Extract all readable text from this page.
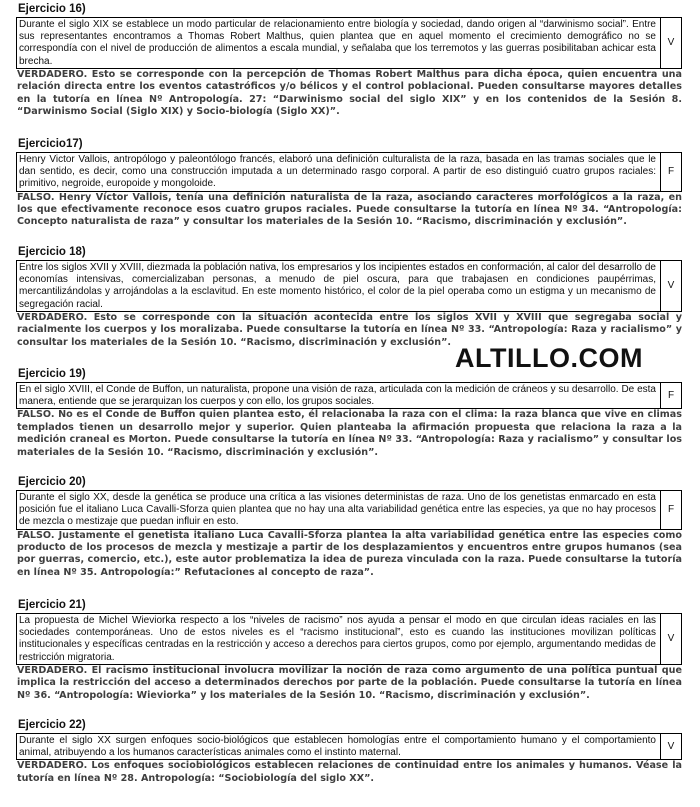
Ejercicio 16)
Durante el siglo XIX se establece un modo particular de relacionamiento entre biología y sociedad, dando origen al “darwinismo social”. Entre sus representantes encontramos a Thomas Robert Malthus, quien plantea que en aquel momento el crecimiento demográfico no se correspondía con el nivel de producción de alimentos a escala mundial, y señalaba que los terremotos y las guerras posibilitaban achicar esta brecha.
V
VERDADERO. Esto se corresponde con la percepción de Thomas Robert Malthus para dicha época, quien encuentra una relación directa entre los eventos catastróficos y/o bélicos y el control poblacional. Pueden consultarse mayores detalles en la tutoría en línea Nº Antropología. 27: “Darwinismo social del siglo XIX” y en los contenidos de la Sesión 8. “Darwinismo Social (Siglo XIX) y Socio-biología (Siglo XX)”.
Ejercicio17)
Henry Victor Vallois, antropólogo y paleontólogo francés, elaboró una definición culturalista de la raza, basada en las tramas sociales que le dan sentido, es decir, como una construcción imputada a un determinado rasgo corporal. A partir de eso distinguió cuatro grupos raciales: primitivo, negroide, europoide y mongoloide.
F
FALSO. Henry Víctor Vallois, tenía una definición naturalista de la raza, asociando caracteres morfológicos a la raza, en los que efectivamente reconoce esos cuatro grupos raciales. Puede consultarse la tutoría en línea Nº 34. “Antropología: Concepto naturalista de raza” y consultar los materiales de la Sesión 10. “Racismo, discriminación y exclusión”.
Ejercicio 18)
Entre los siglos XVII y XVIII, diezmada la población nativa, los empresarios y los incipientes estados en conformación, al calor del desarrollo de economías intensivas, comercializaban personas, a menudo de piel oscura, para que trabajasen en condiciones paupérrimas, mercantilizándolas y arrojándolas a la esclavitud. En este momento histórico, el color de la piel operaba como un estigma y un mecanismo de segregación racial.
V
VERDADERO. Esto se corresponde con la situación acontecida entre los siglos XVII y XVIII que segregaba social y racialmente los cuerpos y los moralizaba. Puede consultarse la tutoría en línea Nº 33. “Antropología: Raza y racialismo” y consultar los materiales de la Sesión 10. “Racismo, discriminación y exclusión”.
ALTILLO.COM
Ejercicio 19)
En el siglo XVIII, el Conde de Buffon, un naturalista, propone una visión de raza, articulada con la medición de cráneos y su desarrollo. De esta manera, entiende que se jerarquizan los cuerpos y con ello, los grupos sociales.
F
FALSO. No es el Conde de Buffon quien plantea esto, él relacionaba la raza con el clima: la raza blanca que vive en climas templados tienen un desarrollo mejor y superior. Quien planteaba la afirmación propuesta que relaciona la raza a la medición craneal es Morton. Puede consultarse la tutoría en línea Nº 33. “Antropología: Raza y racialismo” y consultar los materiales de la Sesión 10. “Racismo, discriminación y exclusión”.
Ejercicio 20)
Durante el siglo XX, desde la genética se produce una crítica a las visiones deterministas de raza. Uno de los genetistas enmarcado en esta posición fue el italiano Luca Cavalli-Sforza quien plantea que no hay una alta variabilidad genética entre las especies, ya que no hay procesos de mezcla o mestizaje que puedan influir en esto.
F
FALSO. Justamente el genetista italiano Luca Cavalli-Sforza plantea la alta variabilidad genética entre las especies como producto de los procesos de mezcla y mestizaje a partir de los desplazamientos y encuentros entre grupos humanos (sea por guerras, comercio, etc.), este autor problematiza la idea de pureza vinculada con la raza. Puede consultarse la tutoría en línea Nº 35. Antropología:” Refutaciones al concepto de raza”.
Ejercicio 21)
La propuesta de Michel Wieviorka respecto a los “niveles de racismo” nos ayuda a pensar el modo en que circulan ideas raciales en las sociedades contemporáneas. Uno de estos niveles es el “racismo institucional”, esto es cuando las instituciones movilizan políticas institucionales y específicas centradas en la restricción y acceso a derechos para ciertos grupos, como por ejemplo, argumentando medidas de restricción migratoria.
V
VERDADERO. El racismo institucional involucra movilizar la noción de raza como argumento de una política puntual que implica la restricción del acceso a determinados derechos por parte de la población. Puede consultarse la tutoría en línea Nº 36. “Antropología: Wieviorka” y los materiales de la Sesión 10. “Racismo, discriminación y exclusión”.
Ejercicio 22)
Durante el siglo XX surgen enfoques socio-biológicos que establecen homologías entre el comportamiento humano y el comportamiento animal, atribuyendo a los humanos características animales como el instinto maternal.
V
VERDADERO. Los enfoques sociobiológicos establecen relaciones de continuidad entre los animales y humanos. Véase la tutoría en línea Nº 28. Antropología: “Sociobiología del siglo XX”.
